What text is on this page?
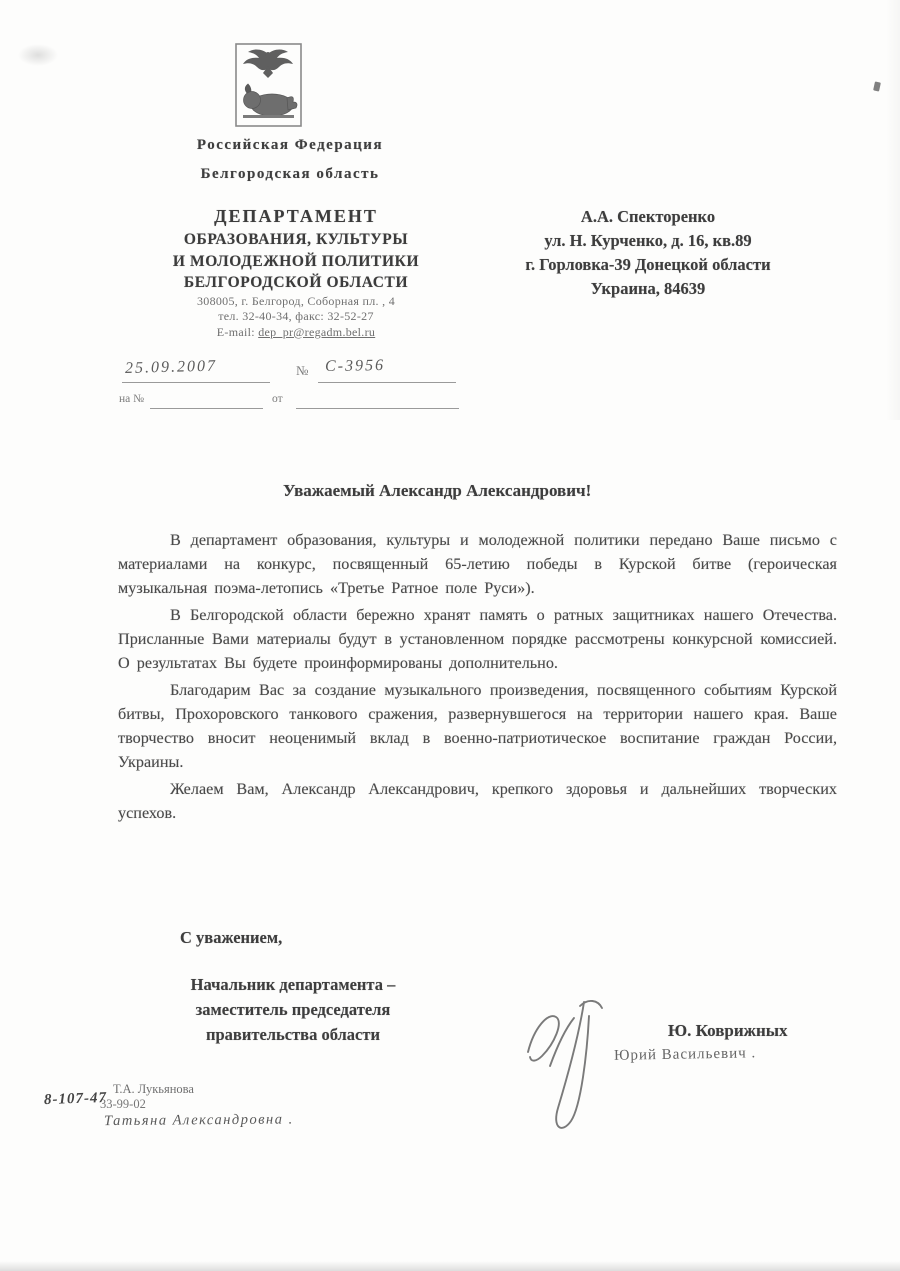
Российская Федерация
Белгородская область
ДЕПАРТАМЕНТ
ОБРАЗОВАНИЯ, КУЛЬТУРЫ
И МОЛОДЕЖНОЙ ПОЛИТИКИ
БЕЛГОРОДСКОЙ ОБЛАСТИ
308005, г. Белгород, Соборная пл. , 4
тел. 32-40-34, факс: 32-52-27
E-mail: dep_pr@regadm.bel.ru
А.А. Спекторенко
ул. Н. Курченко, д. 16, кв.89
г. Горловка-39 Донецкой области
Украина, 84639
25.09.2007	№ С-3956
на №	от
Уважаемый Александр Александрович!

В департамент образования, культуры и молодежной политики передано Ваше письмо с материалами на конкурс, посвященный 65-летию победы в Курской битве (героическая музыкальная поэма-летопись «Третье Ратное поле Руси»).

В Белгородской области бережно хранят память о ратных защитниках нашего Отечества. Присланные Вами материалы будут в установленном порядке рассмотрены конкурсной комиссией. О результатах Вы будете проинформированы дополнительно.

Благодарим Вас за создание музыкального произведения, посвященного событиям Курской битвы, Прохоровского танкового сражения, развернувшегося на территории нашего края. Ваше творчество вносит неоценимый вклад в военно-патриотическое воспитание граждан России, Украины.

Желаем Вам, Александр Александрович, крепкого здоровья и дальнейших творческих успехов.

С уважением,
Начальник департамента –
заместитель председателя
правительства области	Ю. Коврижных
Юрий Васильевич .
Т.А. Лукьянова
33-99-02
8-107-47
Татьяна Александровна .
